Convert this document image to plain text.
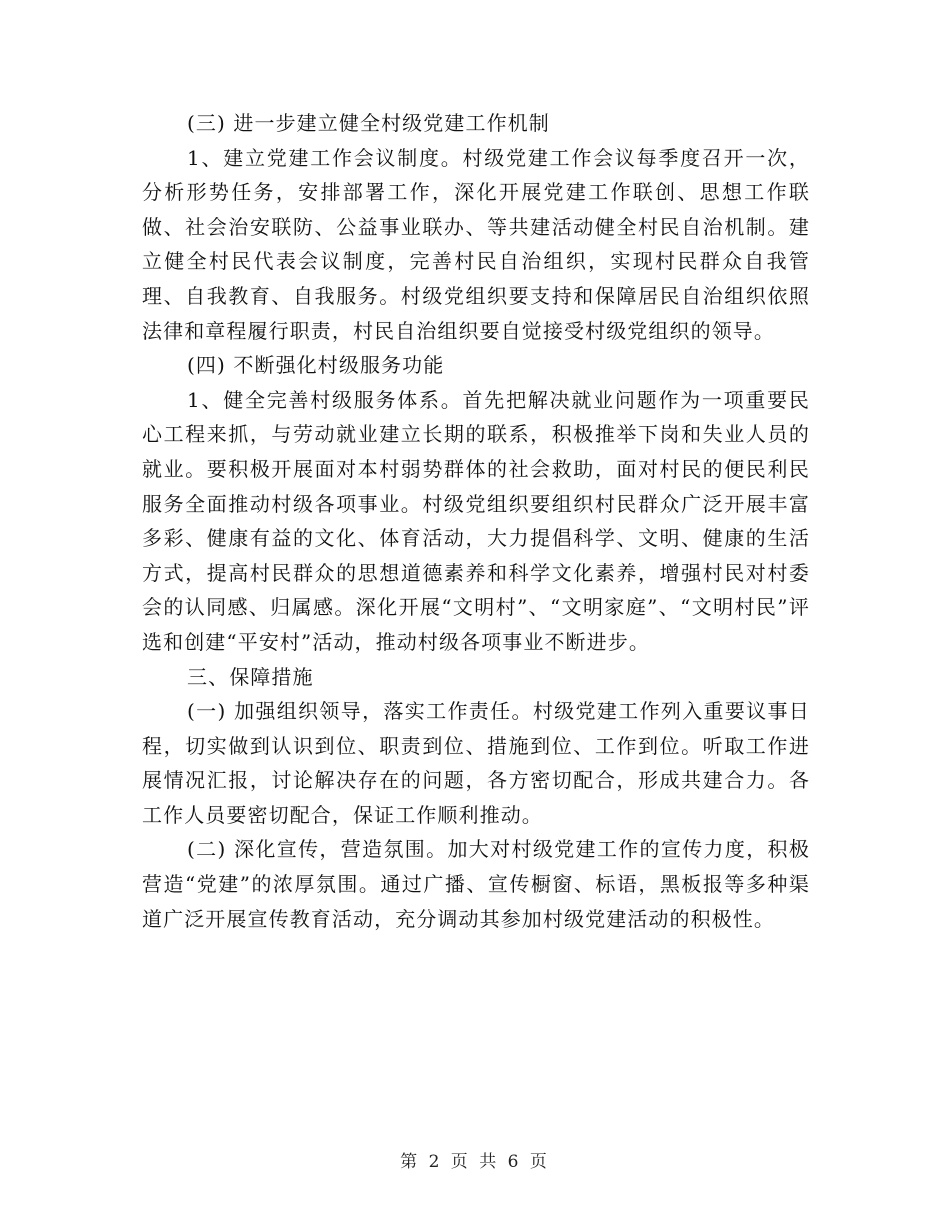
(三) 进一步建立健全村级党建工作机制

1、建立党建工作会议制度。村级党建工作会议每季度召开一次，分析形势任务，安排部署工作，深化开展党建工作联创、思想工作联做、社会治安联防、公益事业联办、等共建活动健全村民自治机制。建立健全村民代表会议制度，完善村民自治组织，实现村民群众自我管理、自我教育、自我服务。村级党组织要支持和保障居民自治组织依照法律和章程履行职责，村民自治组织要自觉接受村级党组织的领导。

(四) 不断强化村级服务功能

1、健全完善村级服务体系。首先把解决就业问题作为一项重要民心工程来抓，与劳动就业建立长期的联系，积极推举下岗和失业人员的就业。要积极开展面对本村弱势群体的社会救助，面对村民的便民利民服务全面推动村级各项事业。村级党组织要组织村民群众广泛开展丰富多彩、健康有益的文化、体育活动，大力提倡科学、文明、健康的生活方式，提高村民群众的思想道德素养和科学文化素养，增强村民对村委会的认同感、归属感。深化开展“文明村”、“文明家庭”、“文明村民”评选和创建“平安村”活动，推动村级各项事业不断进步。

三、保障措施

(一) 加强组织领导，落实工作责任。村级党建工作列入重要议事日程，切实做到认识到位、职责到位、措施到位、工作到位。听取工作进展情况汇报，讨论解决存在的问题，各方密切配合，形成共建合力。各工作人员要密切配合，保证工作顺利推动。

(二) 深化宣传，营造氛围。加大对村级党建工作的宣传力度，积极营造“党建”的浓厚氛围。通过广播、宣传橱窗、标语，黑板报等多种渠道广泛开展宣传教育活动，充分调动其参加村级党建活动的积极性。

第 2 页 共 6 页
